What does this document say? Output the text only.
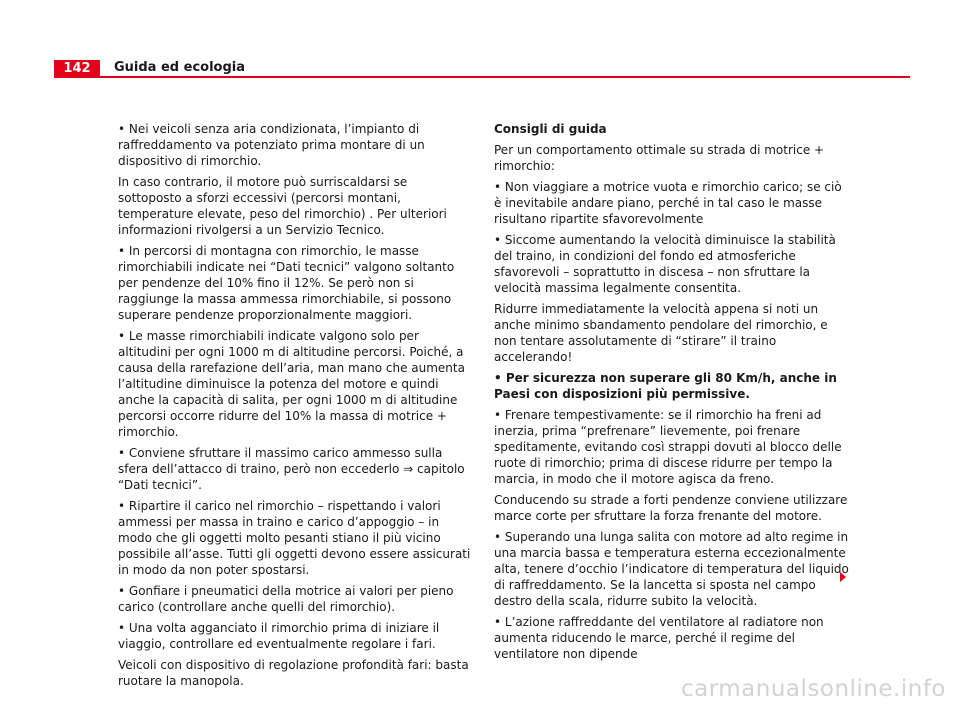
142	Guida ed ecologia

• Nei veicoli senza aria condizionata, l’impianto di raffreddamento va potenziato prima montare di un dispositivo di rimorchio.

In caso contrario, il motore può surriscaldarsi se sottoposto a sforzi eccessivi (percorsi montani, temperature elevate, peso del rimorchio) . Per ulteriori informazioni rivolgersi a un Servizio Tecnico.

• In percorsi di montagna con rimorchio, le masse rimorchiabili indicate nei “Dati tecnici” valgono soltanto per pendenze del 10% fino il 12%. Se però non si raggiunge la massa ammessa rimorchiabile, si possono superare pendenze proporzionalmente maggiori.

• Le masse rimorchiabili indicate valgono solo per altitudini per ogni 1000 m di altitudine percorsi. Poiché, a causa della rarefazione dell’aria, man mano che aumenta l’altitudine diminuisce la potenza del motore e quindi anche la capacità di salita, per ogni 1000 m di altitudine percorsi occorre ridurre del 10% la massa di motrice + rimorchio.

• Conviene sfruttare il massimo carico ammesso sulla sfera dell’attacco di traino, però non eccederlo ⇒ capitolo “Dati tecnici”.

• Ripartire il carico nel rimorchio – rispettando i valori ammessi per massa in traino e carico d’appoggio – in modo che gli oggetti molto pesanti stiano il più vicino possibile all’asse. Tutti gli oggetti devono essere assicurati in modo da non poter spostarsi.

• Gonfiare i pneumatici della motrice ai valori per pieno carico (controllare anche quelli del rimorchio).

• Una volta agganciato il rimorchio prima di iniziare il viaggio, controllare ed eventualmente regolare i fari.

Veicoli con dispositivo di regolazione profondità fari: basta ruotare la manopola.

Consigli di guida

Per un comportamento ottimale su strada di motrice + rimorchio:

• Non viaggiare a motrice vuota e rimorchio carico; se ciò è inevitabile andare piano, perché in tal caso le masse risultano ripartite sfavorevolmente

• Siccome aumentando la velocità diminuisce la stabilità del traino, in condizioni del fondo ed atmosferiche sfavorevoli – soprattutto in discesa – non sfruttare la velocità massima legalmente consentita.

Ridurre immediatamente la velocità appena si noti un anche minimo sbandamento pendolare del rimorchio, e non tentare assolutamente di “stirare” il traino accelerando!

• Per sicurezza non superare gli 80 Km/h, anche in Paesi con disposizioni più permissive.

• Frenare tempestivamente: se il rimorchio ha freni ad inerzia, prima “prefrenare” lievemente, poi frenare speditamente, evitando così strappi dovuti al blocco delle ruote di rimorchio; prima di discese ridurre per tempo la marcia, in modo che il motore agisca da freno.

Conducendo su strade a forti pendenze conviene utilizzare marce corte per sfruttare la forza frenante del motore.

• Superando una lunga salita con motore ad alto regime in una marcia bassa e temperatura esterna eccezionalmente alta, tenere d’occhio l’indicatore di temperatura del liquido di raffreddamento. Se la lancetta si sposta nel campo destro della scala, ridurre subito la velocità.

• L’azione raffreddante del ventilatore al radiatore non aumenta riducendo le marce, perché il regime del ventilatore non dipende

carmanualsonline.info
